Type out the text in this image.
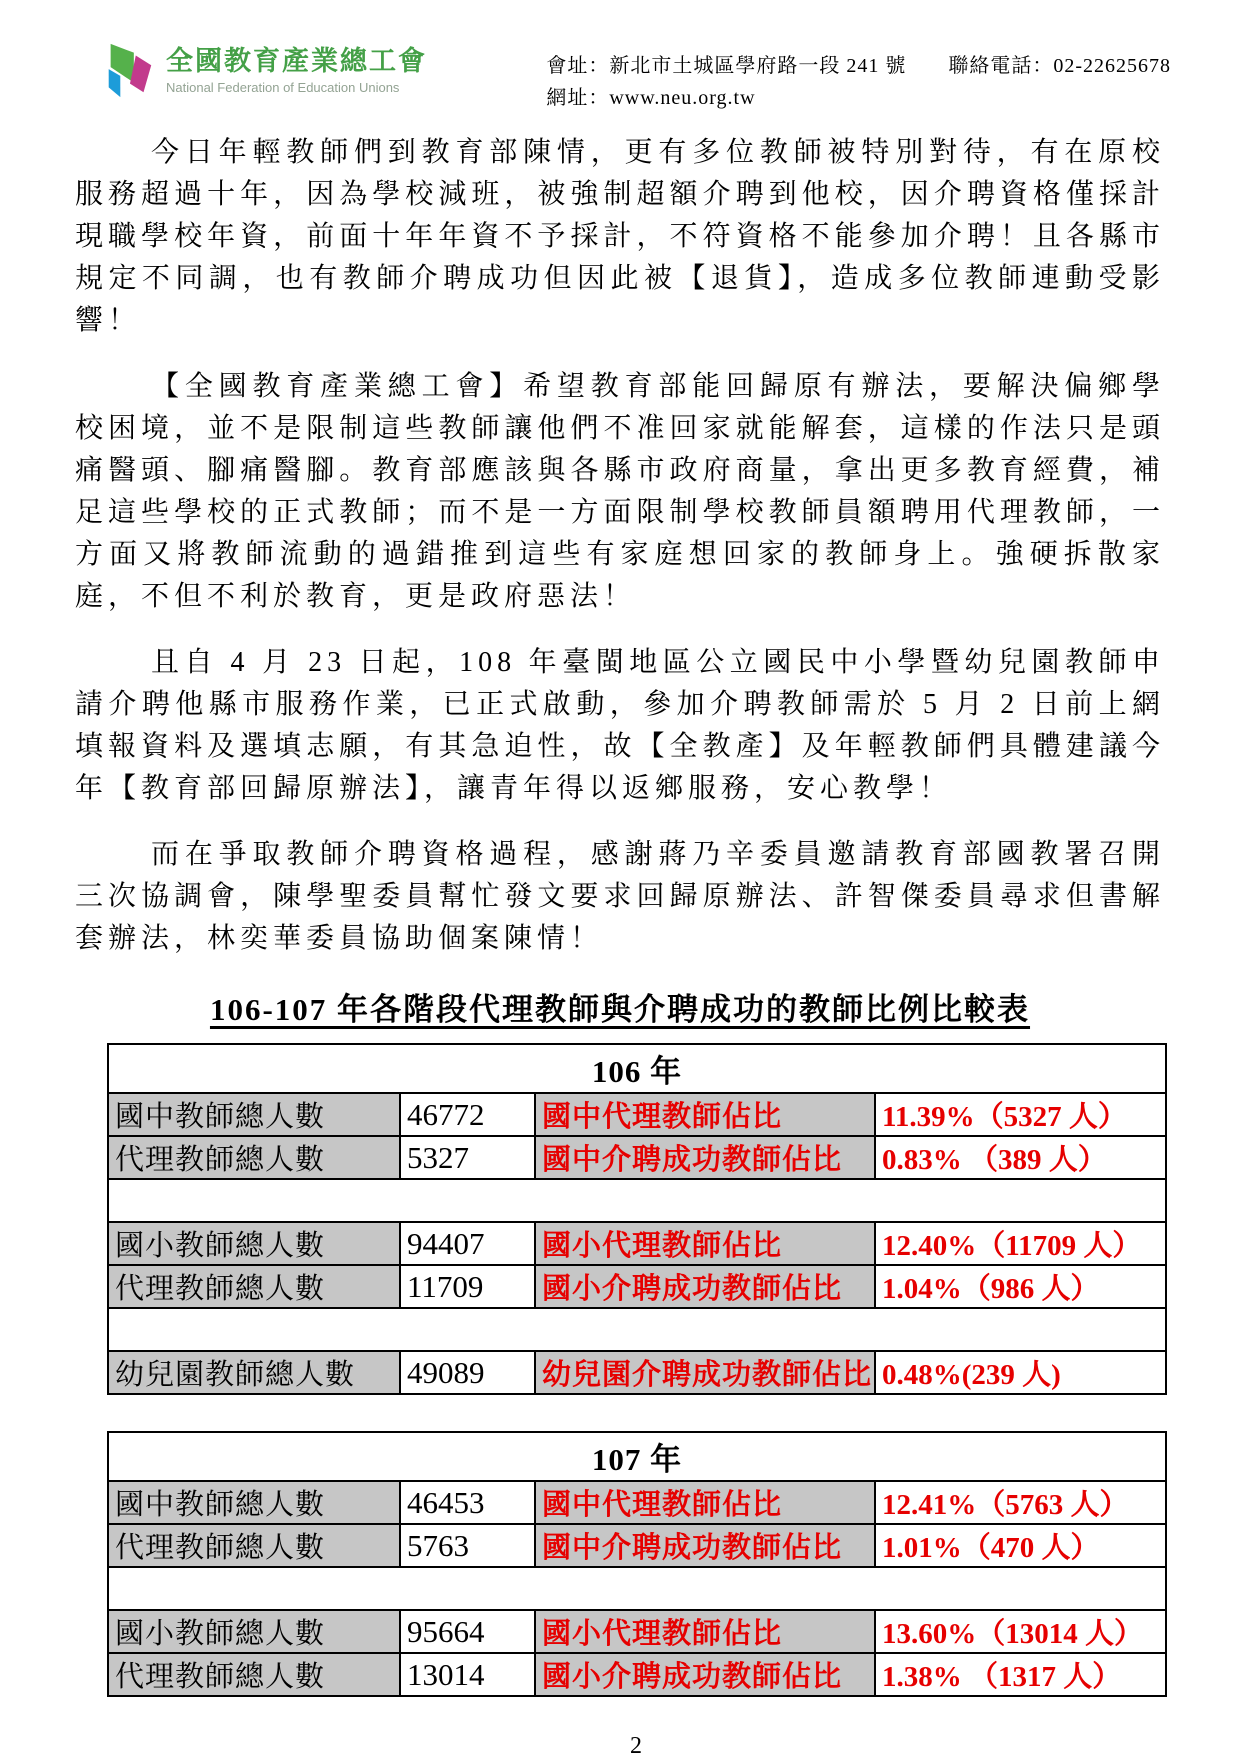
全國教育產業總工會
National Federation of Education Unions
會址：新北市土城區學府路一段 241 號　　聯絡電話：02-22625678
網址：www.neu.org.tw

今日年輕教師們到教育部陳情，更有多位教師被特別對待，有在原校服務超過十年，因為學校減班，被強制超額介聘到他校，因介聘資格僅採計現職學校年資，前面十年年資不予採計，不符資格不能參加介聘！且各縣市規定不同調，也有教師介聘成功但因此被【退貨】，造成多位教師連動受影響！

【全國教育產業總工會】希望教育部能回歸原有辦法，要解決偏鄉學校困境，並不是限制這些教師讓他們不准回家就能解套，這樣的作法只是頭痛醫頭、腳痛醫腳。教育部應該與各縣市政府商量，拿出更多教育經費，補足這些學校的正式教師；而不是一方面限制學校教師員額聘用代理教師，一方面又將教師流動的過錯推到這些有家庭想回家的教師身上。強硬拆散家庭，不但不利於教育，更是政府惡法！

且自 4 月 23 日起，108 年臺閩地區公立國民中小學暨幼兒園教師申請介聘他縣市服務作業，已正式啟動，參加介聘教師需於 5 月 2 日前上網填報資料及選填志願，有其急迫性，故【全教產】及年輕教師們具體建議今年【教育部回歸原辦法】，讓青年得以返鄉服務，安心教學！

而在爭取教師介聘資格過程，感謝蔣乃辛委員邀請教育部國教署召開三次協調會，陳學聖委員幫忙發文要求回歸原辦法、許智傑委員尋求但書解套辦法，林奕華委員協助個案陳情！

106-107 年各階段代理教師與介聘成功的教師比例比較表
106 年			
國中教師總人數	46772	國中代理教師佔比	11.39%（5327 人）
代理教師總人數	5327	國中介聘成功教師佔比	0.83% （389 人）

國小教師總人數	94407	國小代理教師佔比	12.40%（11709 人）
代理教師總人數	11709	國小介聘成功教師佔比	1.04%（986 人）

幼兒園教師總人數	49089	幼兒園介聘成功教師佔比	0.48%(239 人)
107 年			
國中教師總人數	46453	國中代理教師佔比	12.41%（5763 人）
代理教師總人數	5763	國中介聘成功教師佔比	1.01%（470 人）

國小教師總人數	95664	國小代理教師佔比	13.60%（13014 人）
代理教師總人數	13014	國小介聘成功教師佔比	1.38% （1317 人）
2
